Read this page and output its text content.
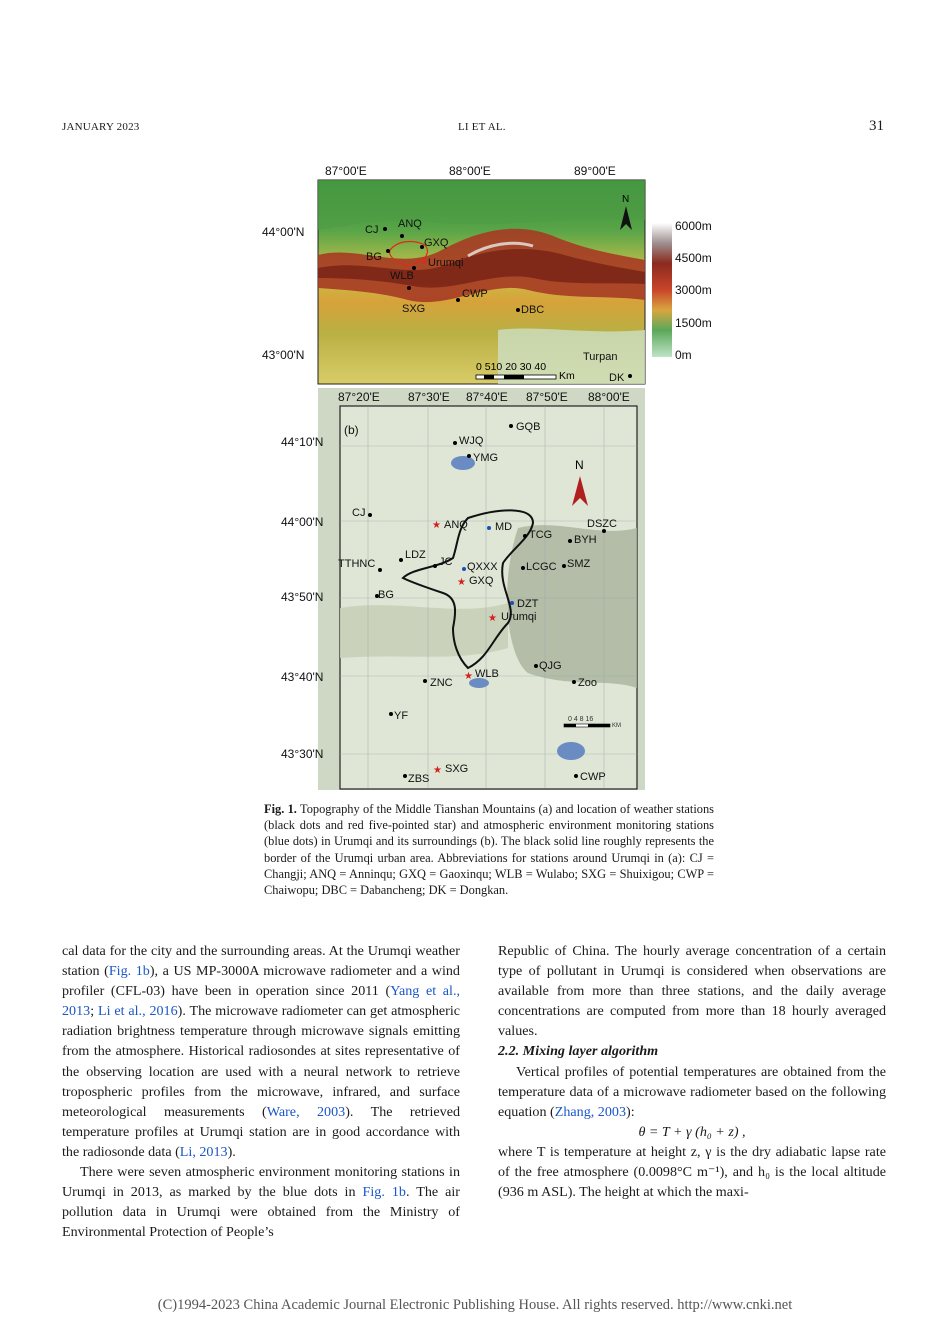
JANUARY 2023	LI ET AL.	31
CJ ANQ
GXQ
BG	Urumqi
WLB
SXG
CWP
DBC
Turpan
DK
★
N
0 510 20 30 40
Km
87°00'E	88°00'E	89°00'E
44°00'N
43°00'N
6000m
4500m
3000m
1500m
0m
GQB
WJQ
YMG
CJ
ANQ MD
TCG
DSZC
BYH
LDZ
JC
TTHNC	QXXX	LCGC SMZ
GXQ
BG
DZT
Urumqi
QJG
WLB
ZNC	Zoo
YF
SXG
ZBS	CWP
★
★
★
★
★
N
(b)
0 4 8 16
KM
87°20'E 87°30'E 87°40'E 87°50'E 88°00'E
44°10'N
44°00'N
43°50'N
43°40'N
43°30'N
Fig. 1. Topography of the Middle Tianshan Mountains (a) and location of weather stations (black dots and red five-pointed star) and atmospheric environment monitoring stations (blue dots) in Urumqi and its surroundings (b). The black solid line roughly represents the border of the Urumqi urban area. Abbreviations for stations around Urumqi in (a): CJ = Changji; ANQ = Anninqu; GXQ = Gaoxinqu; WLB = Wulabo; SXG = Shuixigou; CWP = Chaiwopu; DBC = Dabancheng; DK = Dongkan.

cal data for the city and the surrounding areas. At the Urumqi weather station (Fig. 1b), a US MP-3000A microwave radiometer and a wind profiler (CFL-03) have been in operation since 2011 (Yang et al., 2013; Li et al., 2016). The microwave radiometer can get atmospheric radiation brightness temperature through microwave signals emitting from the atmosphere. Historical radiosondes at sites representative of the observing location are used with a neural network to retrieve tropospheric profiles from the microwave, infrared, and surface meteorological measurements (Ware, 2003). The retrieved temperature profiles at Urumqi station are in good accordance with the radiosonde data (Li, 2013).

There were seven atmospheric environment monitoring stations in Urumqi in 2013, as marked by the blue dots in Fig. 1b. The air pollution data in Urumqi were obtained from the Ministry of Environmental Protection of People’s

Republic of China. The hourly average concentration of a certain type of pollutant in Urumqi is considered when observations are available from more than three stations, and the daily average concentrations are computed from more than 18 hourly averaged values.

2.2. Mixing layer algorithm

Vertical profiles of potential temperatures are obtained from the temperature data of a microwave radiometer based on the following equation (Zhang, 2003):

θ = T + γ (h₀ + z) ,

where T is temperature at height z, γ is the dry adiabatic lapse rate of the free atmosphere (0.0098°C m⁻¹), and h₀ is the local altitude (936 m ASL). The height at which the maxi-

(C)1994-2023 China Academic Journal Electronic Publishing House. All rights reserved. http://www.cnki.net
